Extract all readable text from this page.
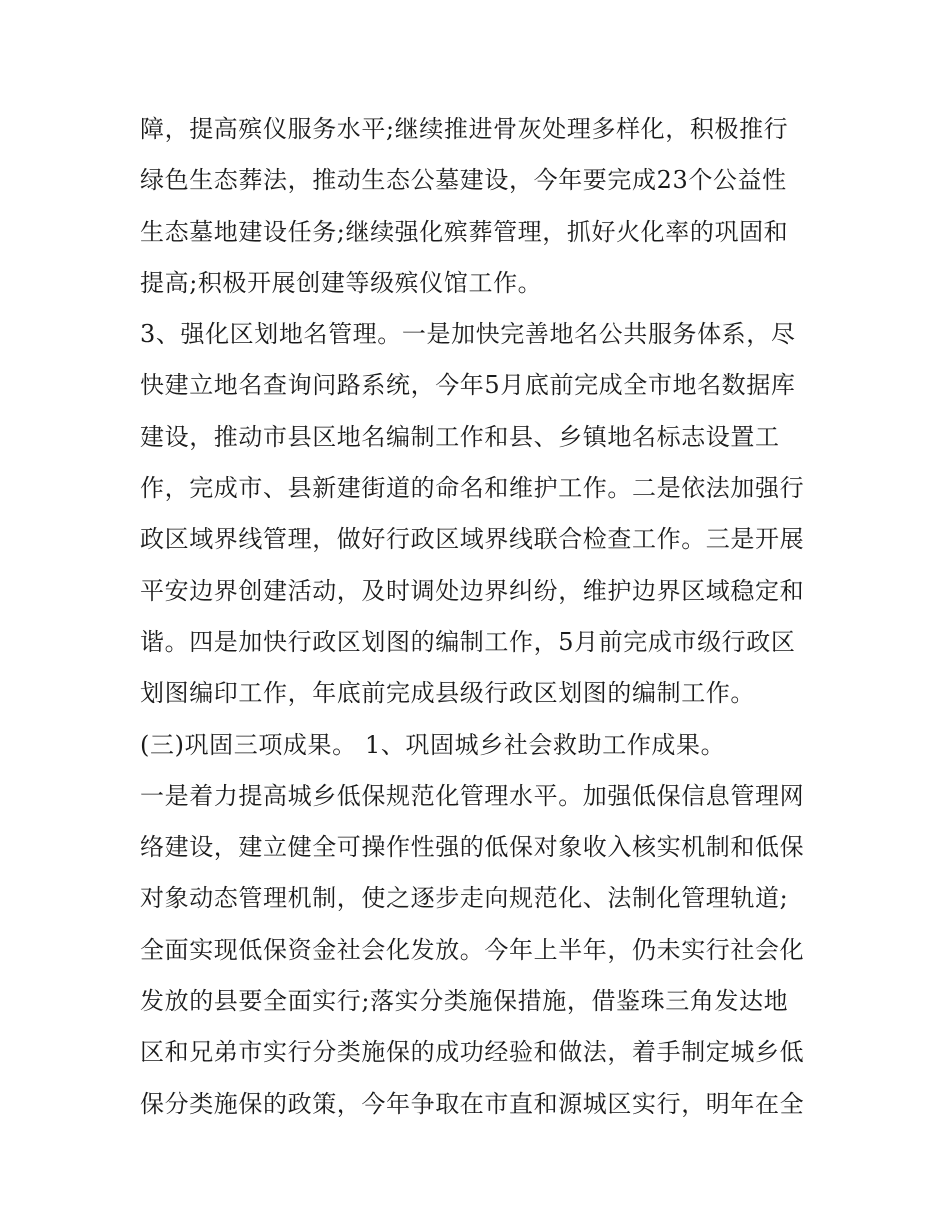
障，提高殡仪服务水平;继续推进骨灰处理多样化，积极推行
绿色生态葬法，推动生态公墓建设，今年要完成23个公益性
生态墓地建设任务;继续强化殡葬管理，抓好火化率的巩固和
提高;积极开展创建等级殡仪馆工作。
3、强化区划地名管理。一是加快完善地名公共服务体系，尽
快建立地名查询问路系统，今年5月底前完成全市地名数据库
建设，推动市县区地名编制工作和县、乡镇地名标志设置工
作，完成市、县新建街道的命名和维护工作。二是依法加强行
政区域界线管理，做好行政区域界线联合检查工作。三是开展
平安边界创建活动，及时调处边界纠纷，维护边界区域稳定和
谐。四是加快行政区划图的编制工作，5月前完成市级行政区
划图编印工作，年底前完成县级行政区划图的编制工作。
(三)巩固三项成果。 1、巩固城乡社会救助工作成果。
一是着力提高城乡低保规范化管理水平。加强低保信息管理网
络建设，建立健全可操作性强的低保对象收入核实机制和低保
对象动态管理机制，使之逐步走向规范化、法制化管理轨道;
全面实现低保资金社会化发放。今年上半年，仍未实行社会化
发放的县要全面实行;落实分类施保措施，借鉴珠三角发达地
区和兄弟市实行分类施保的成功经验和做法，着手制定城乡低
保分类施保的政策，今年争取在市直和源城区实行，明年在全
